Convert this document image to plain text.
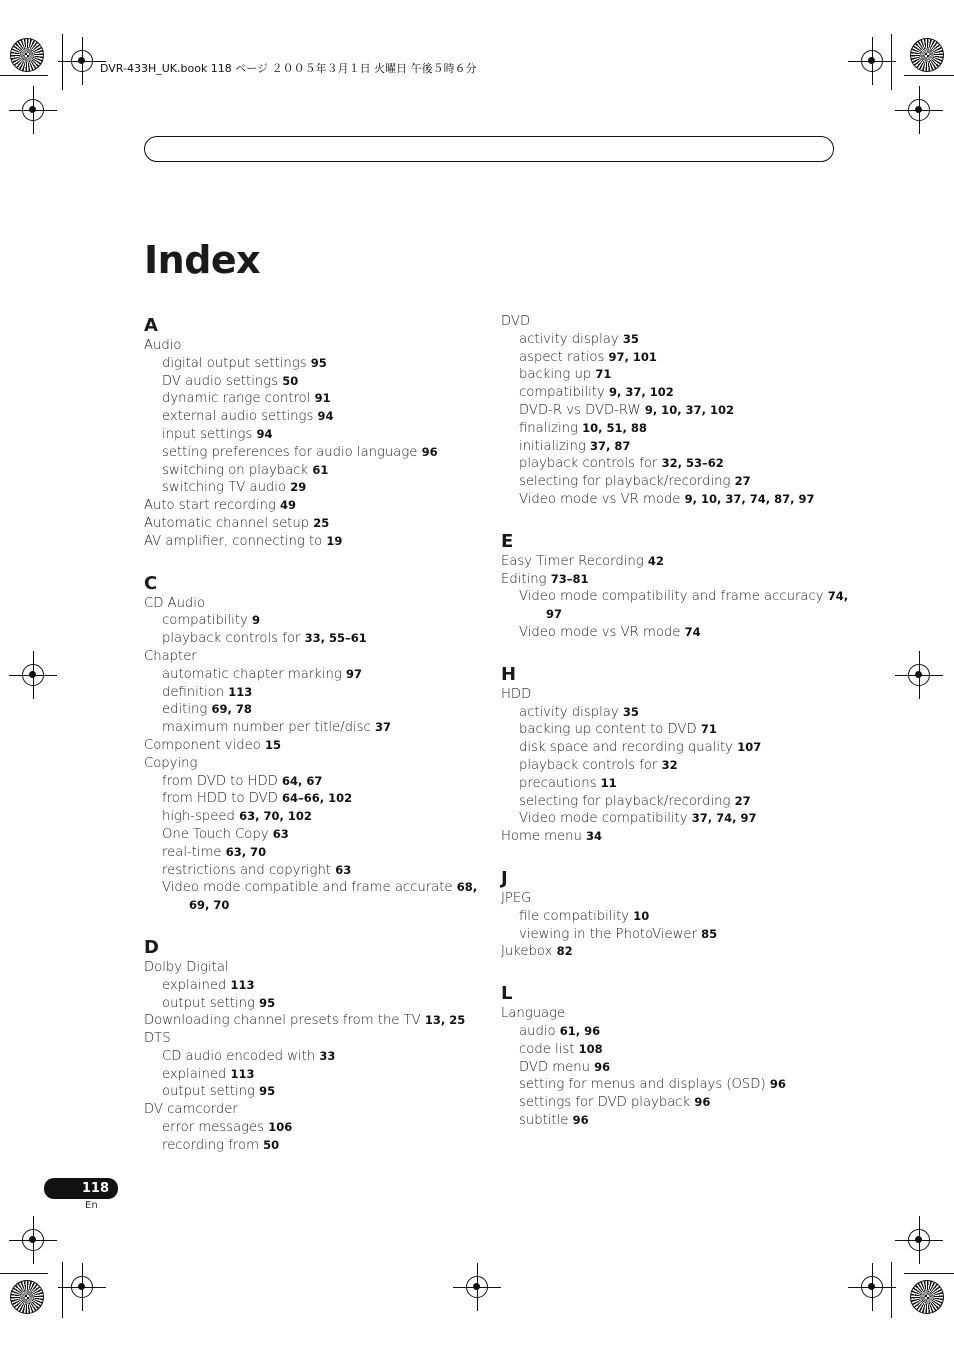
DVR-433H_UK.book 118 ページ ２００５年３月１日 火曜日 午後５時６分
Index
A
Audio
digital output settings 95
DV audio settings 50
dynamic range control 91
external audio settings 94
input settings 94
setting preferences for audio language 96
switching on playback 61
switching TV audio 29
Auto start recording 49
Automatic channel setup 25
AV amplifier, connecting to 19
C
CD Audio
compatibility 9
playback controls for 33, 55–61
Chapter
automatic chapter marking 97
definition 113
editing 69, 78
maximum number per title/disc 37
Component video 15
Copying
from DVD to HDD 64, 67
from HDD to DVD 64–66, 102
high-speed 63, 70, 102
One Touch Copy 63
real-time 63, 70
restrictions and copyright 63
Video mode compatible and frame accurate 68, 69, 70
D
Dolby Digital
explained 113
output setting 95
Downloading channel presets from the TV 13, 25
DTS
CD audio encoded with 33
explained 113
output setting 95
DV camcorder
error messages 106
recording from 50
DVD
activity display 35
aspect ratios 97, 101
backing up 71
compatibility 9, 37, 102
DVD-R vs DVD-RW 9, 10, 37, 102
finalizing 10, 51, 88
initializing 37, 87
playback controls for 32, 53–62
selecting for playback/recording 27
Video mode vs VR mode 9, 10, 37, 74, 87, 97
E
Easy Timer Recording 42
Editing 73–81
Video mode compatibility and frame accuracy 74, 97
Video mode vs VR mode 74
H
HDD
activity display 35
backing up content to DVD 71
disk space and recording quality 107
playback controls for 32
precautions 11
selecting for playback/recording 27
Video mode compatibility 37, 74, 97
Home menu 34
J
JPEG
file compatibility 10
viewing in the PhotoViewer 85
Jukebox 82
L
Language
audio 61, 96
code list 108
DVD menu 96
setting for menus and displays (OSD) 96
settings for DVD playback 96
subtitle 96
118
En
